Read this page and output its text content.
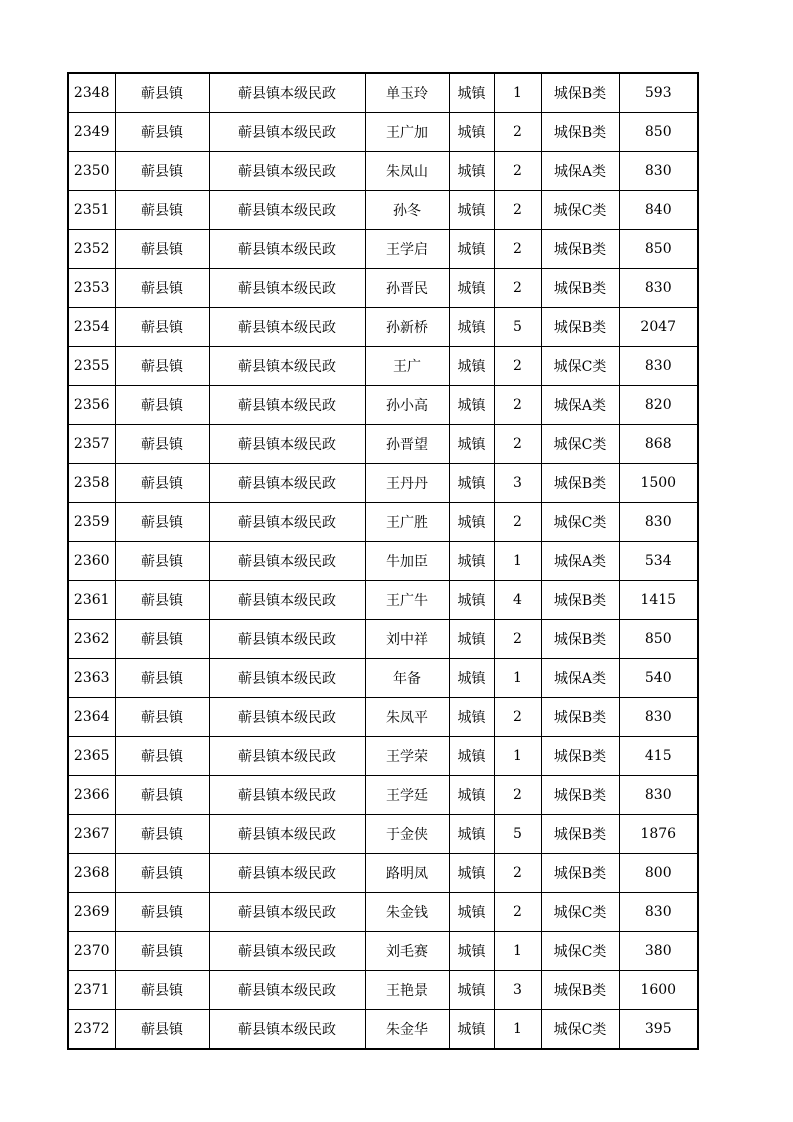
2348	蕲县镇	蕲县镇本级民政	单玉玲	城镇	1	城保B类	593
2349	蕲县镇	蕲县镇本级民政	王广加	城镇	2	城保B类	850
2350	蕲县镇	蕲县镇本级民政	朱凤山	城镇	2	城保A类	830
2351	蕲县镇	蕲县镇本级民政	孙冬	城镇	2	城保C类	840
2352	蕲县镇	蕲县镇本级民政	王学启	城镇	2	城保B类	850
2353	蕲县镇	蕲县镇本级民政	孙晋民	城镇	2	城保B类	830
2354	蕲县镇	蕲县镇本级民政	孙新桥	城镇	5	城保B类	2047
2355	蕲县镇	蕲县镇本级民政	王广	城镇	2	城保C类	830
2356	蕲县镇	蕲县镇本级民政	孙小高	城镇	2	城保A类	820
2357	蕲县镇	蕲县镇本级民政	孙晋望	城镇	2	城保C类	868
2358	蕲县镇	蕲县镇本级民政	王丹丹	城镇	3	城保B类	1500
2359	蕲县镇	蕲县镇本级民政	王广胜	城镇	2	城保C类	830
2360	蕲县镇	蕲县镇本级民政	牛加臣	城镇	1	城保A类	534
2361	蕲县镇	蕲县镇本级民政	王广牛	城镇	4	城保B类	1415
2362	蕲县镇	蕲县镇本级民政	刘中祥	城镇	2	城保B类	850
2363	蕲县镇	蕲县镇本级民政	年备	城镇	1	城保A类	540
2364	蕲县镇	蕲县镇本级民政	朱凤平	城镇	2	城保B类	830
2365	蕲县镇	蕲县镇本级民政	王学荣	城镇	1	城保B类	415
2366	蕲县镇	蕲县镇本级民政	王学廷	城镇	2	城保B类	830
2367	蕲县镇	蕲县镇本级民政	于金侠	城镇	5	城保B类	1876
2368	蕲县镇	蕲县镇本级民政	路明凤	城镇	2	城保B类	800
2369	蕲县镇	蕲县镇本级民政	朱金钱	城镇	2	城保C类	830
2370	蕲县镇	蕲县镇本级民政	刘毛赛	城镇	1	城保C类	380
2371	蕲县镇	蕲县镇本级民政	王艳景	城镇	3	城保B类	1600
2372	蕲县镇	蕲县镇本级民政	朱金华	城镇	1	城保C类	395
